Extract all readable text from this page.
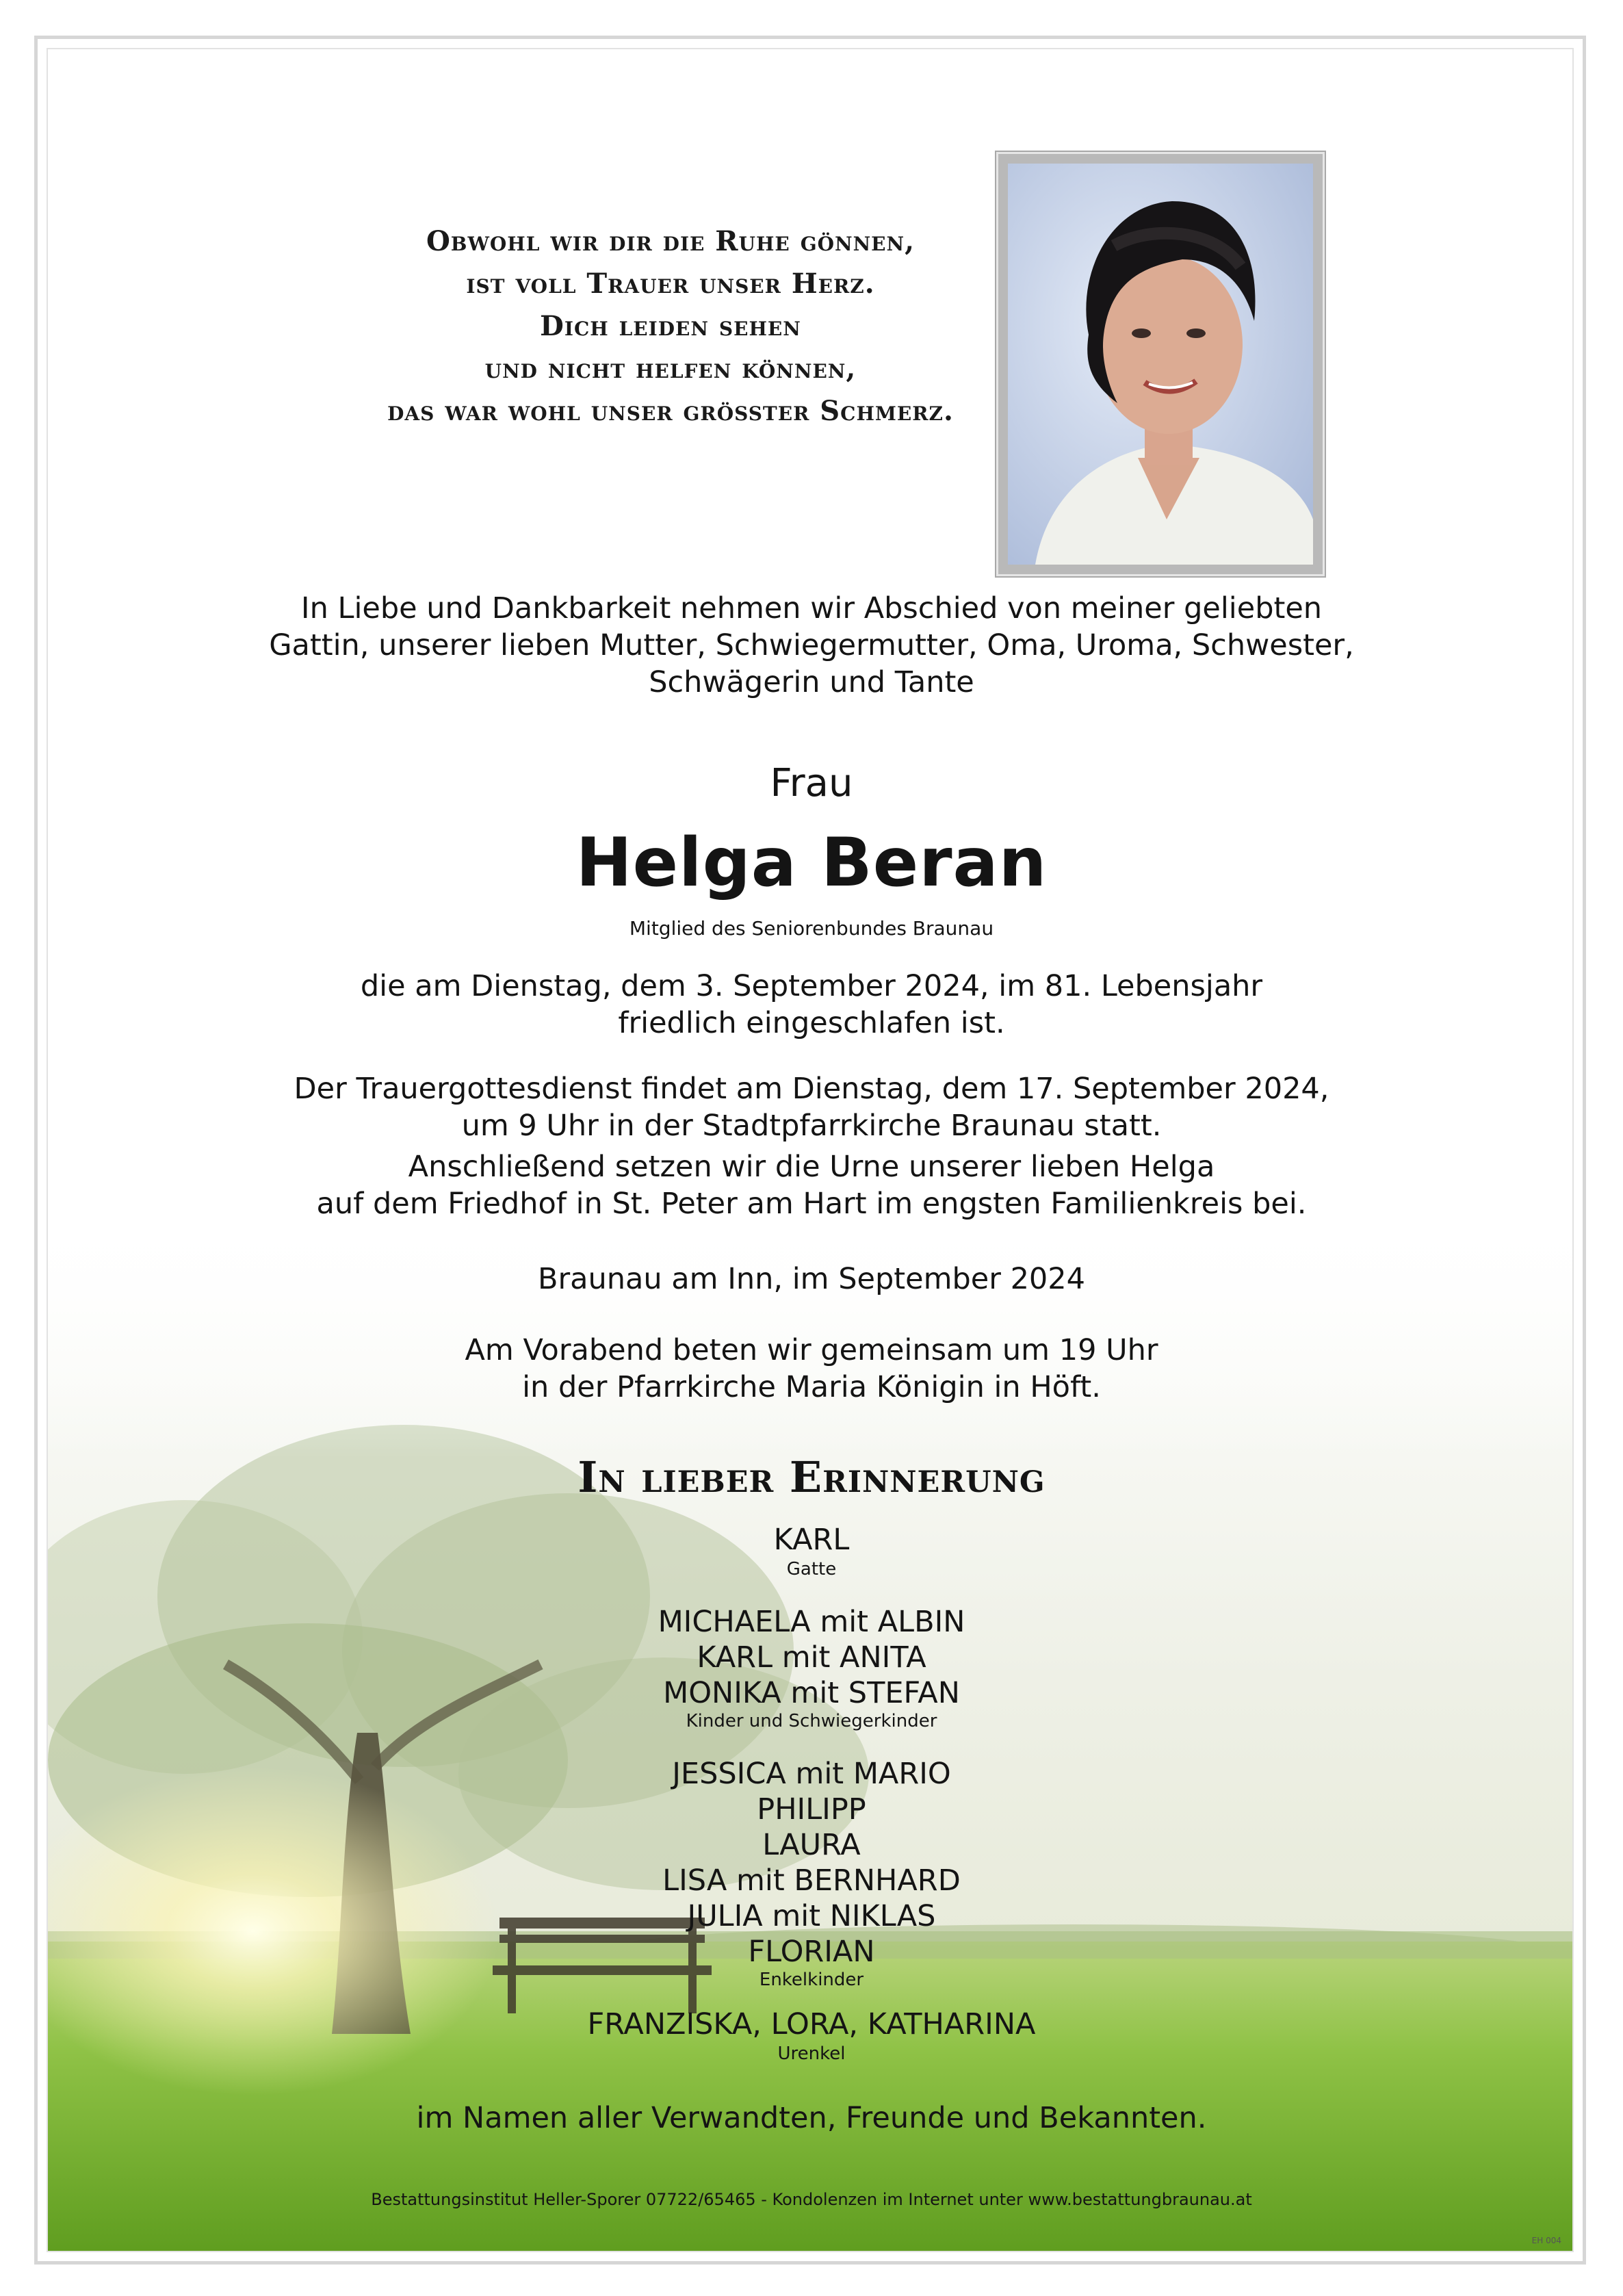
Obwohl wir dir die Ruhe gönnen,
ist voll Trauer unser Herz.
Dich leiden sehen
und nicht helfen können,
das war wohl unser grösster Schmerz.
In Liebe und Dankbarkeit nehmen wir Abschied von meiner geliebten
Gattin, unserer lieben Mutter, Schwiegermutter, Oma, Uroma, Schwester,
Schwägerin und Tante
Frau
Helga Beran
Mitglied des Seniorenbundes Braunau
die am Dienstag, dem 3. September 2024, im 81. Lebensjahr
friedlich eingeschlafen ist.
Der Trauergottesdienst findet am Dienstag, dem 17. September 2024,
um 9 Uhr in der Stadtpfarrkirche Braunau statt.
Anschließend setzen wir die Urne unserer lieben Helga
auf dem Friedhof in St. Peter am Hart im engsten Familienkreis bei.
Braunau am Inn, im September 2024
Am Vorabend beten wir gemeinsam um 19 Uhr
in der Pfarrkirche Maria Königin in Höft.
In lieber Erinnerung
KARL
Gatte
MICHAELA mit ALBIN
KARL mit ANITA
MONIKA mit STEFAN
Kinder und Schwiegerkinder
JESSICA mit MARIO
PHILIPP
LAURA
LISA mit BERNHARD
JULIA mit NIKLAS
FLORIAN
Enkelkinder
FRANZISKA, LORA, KATHARINA
Urenkel
im Namen aller Verwandten, Freunde und Bekannten.
Bestattungsinstitut Heller-Sporer 07722/65465 - Kondolenzen im Internet unter www.bestattungbraunau.at
EH 004
